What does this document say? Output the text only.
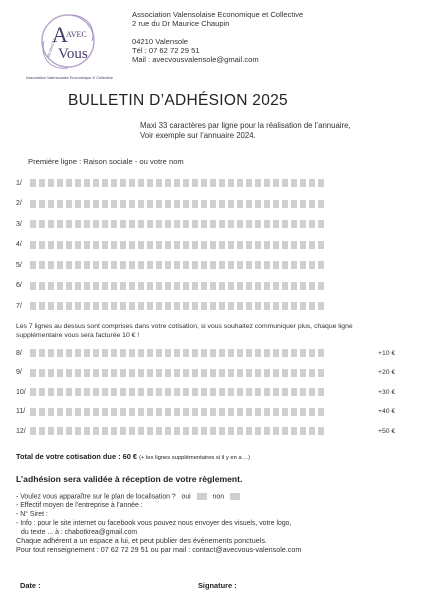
A
AVEC
Vous
VALENSOLE
Association Valensolaise Economique & Collective
Association Valensolaise Economique et Collective
2 rue du Dr Maurice Chaupin
04210 Valensole
Tél : 07 62 72 29 51
Mail : avecvousvalensole@gmail.com
BULLETIN D’ADHÉSION 2025
Maxi 33 caractères par ligne pour la réalisation de l’annuaire,
Voir exemple sur l’annuaire 2024.
Première ligne : Raison sociale - ou votre nom
1/
2/
3/
4/
5/
6/
7/
Les 7 lignes au dessus sont comprises dans votre cotisation, si vous souhaitez communiquer plus, chaque ligne supplémentaire vous sera facturée 10 € !
8/	+10 €
9/	+20 €
10/	+30 €
11/	+40 €
12/	+50 €
Total de votre cotisation due : 60 € (+ les lignes supplémentaires si il y en a ...)
L’adhésion sera validée à réception de votre règlement.
- Voulez vous apparaître sur le plan de localisation ? oui	non
- Effectif moyen de l’entreprise à l’année :
- N° Siret :
- Info : pour le site internet ou facebook vous pouvez nous envoyer des visuels, votre logo,
du texte ... à : chabotkrea@gmail.com
Chaque adhérent a un espace a lui, et peut publier des événements ponctuels.
Pour tout renseignement : 07 62 72 29 51 ou par mail : contact@avecvous-valensole.com
Date :	Signature :
